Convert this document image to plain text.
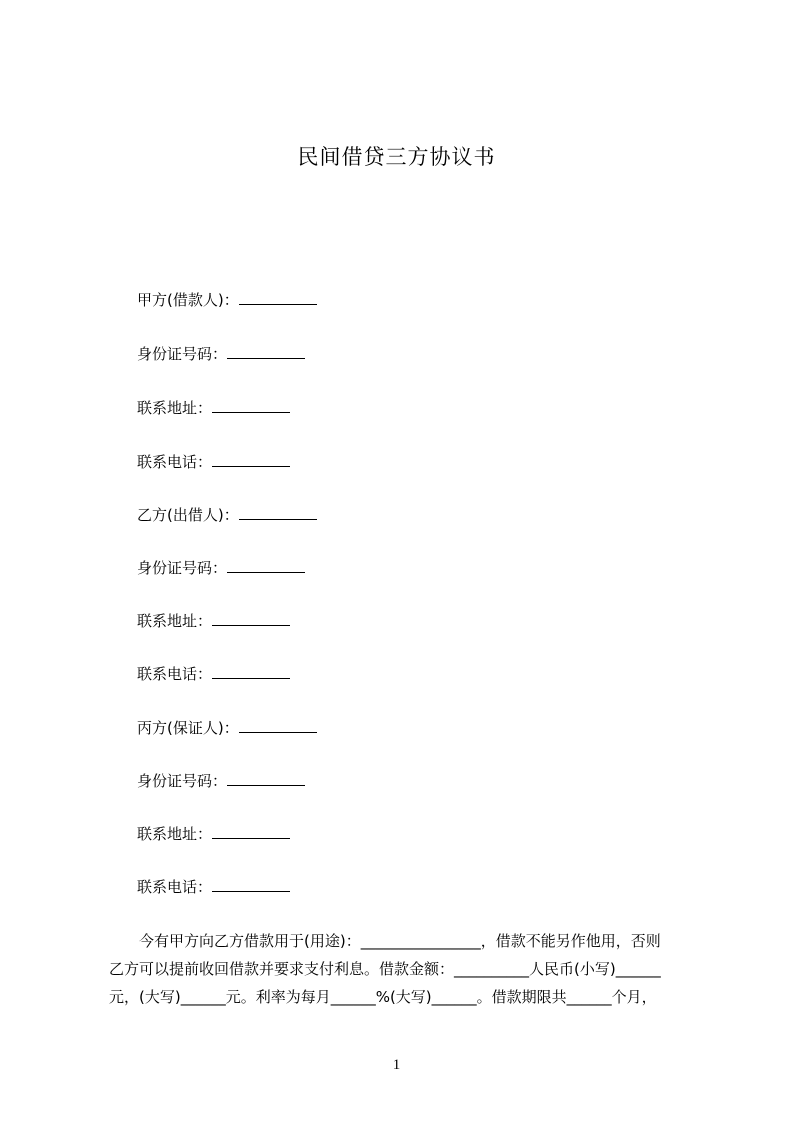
民间借贷三方协议书
甲方(借款人)：
身份证号码：
联系地址：
联系电话：
乙方(出借人)：
身份证号码：
联系地址：
联系电话：
丙方(保证人)：
身份证号码：
联系地址：
联系电话：
　　今有甲方向乙方借款用于(用途)：________________，借款不能另作他用，否则
乙方可以提前收回借款并要求支付利息。借款金额：__________人民币(小写)______
元，(大写)______元。利率为每月______%(大写)______。借款期限共______个月，
1
